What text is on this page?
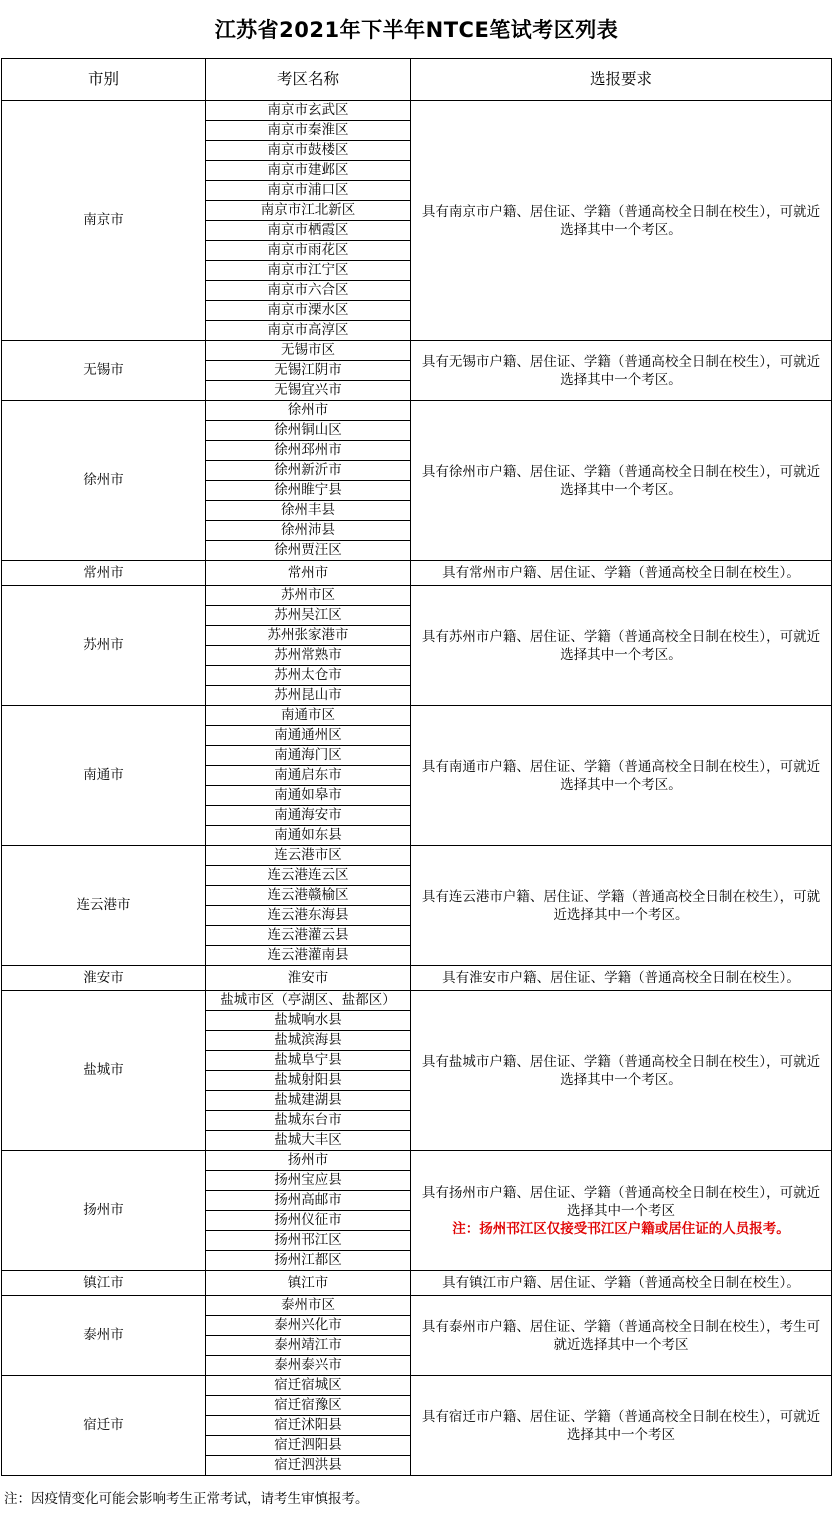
江苏省2021年下半年NTCE笔试考区列表
市别	考区名称	选报要求
南京市	南京市玄武区	具有南京市户籍、居住证、学籍（普通高校全日制在校生），可就近选择其中一个考区。
	南京市秦淮区	
	南京市鼓楼区	
	南京市建邺区	
	南京市浦口区	
	南京市江北新区	
	南京市栖霞区	
	南京市雨花区	
	南京市江宁区	
	南京市六合区	
	南京市溧水区	
	南京市高淳区	
无锡市	无锡市区	具有无锡市户籍、居住证、学籍（普通高校全日制在校生），可就近选择其中一个考区。
	无锡江阴市	
	无锡宜兴市	
徐州市	徐州市	具有徐州市户籍、居住证、学籍（普通高校全日制在校生），可就近选择其中一个考区。
	徐州铜山区	
	徐州邳州市	
	徐州新沂市	
	徐州睢宁县	
	徐州丰县	
	徐州沛县	
	徐州贾汪区	
常州市	常州市	具有常州市户籍、居住证、学籍（普通高校全日制在校生）。
苏州市	苏州市区	具有苏州市户籍、居住证、学籍（普通高校全日制在校生），可就近选择其中一个考区。
	苏州吴江区	
	苏州张家港市	
	苏州常熟市	
	苏州太仓市	
	苏州昆山市	
南通市	南通市区	具有南通市户籍、居住证、学籍（普通高校全日制在校生），可就近选择其中一个考区。
	南通通州区	
	南通海门区	
	南通启东市	
	南通如皋市	
	南通海安市	
	南通如东县	
连云港市	连云港市区	具有连云港市户籍、居住证、学籍（普通高校全日制在校生），可就近选择其中一个考区。
	连云港连云区	
	连云港赣榆区	
	连云港东海县	
	连云港灌云县	
	连云港灌南县	
淮安市	淮安市	具有淮安市户籍、居住证、学籍（普通高校全日制在校生）。
盐城市	盐城市区（亭湖区、盐都区）	具有盐城市户籍、居住证、学籍（普通高校全日制在校生），可就近选择其中一个考区。
	盐城响水县	
	盐城滨海县	
	盐城阜宁县	
	盐城射阳县	
	盐城建湖县	
	盐城东台市	
	盐城大丰区	
扬州市	扬州市	具有扬州市户籍、居住证、学籍（普通高校全日制在校生），可就近选择其中一个考区
注：扬州邗江区仅接受邗江区户籍或居住证的人员报考。

	扬州宝应县	
	扬州高邮市	
	扬州仪征市	
	扬州邗江区	
	扬州江都区	
镇江市	镇江市	具有镇江市户籍、居住证、学籍（普通高校全日制在校生）。
泰州市	泰州市区	具有泰州市户籍、居住证、学籍（普通高校全日制在校生），考生可就近选择其中一个考区
	泰州兴化市	
	泰州靖江市	
	泰州泰兴市	
宿迁市	宿迁宿城区	具有宿迁市户籍、居住证、学籍（普通高校全日制在校生），可就近选择其中一个考区
	宿迁宿豫区	
	宿迁沭阳县	
	宿迁泗阳县	
	宿迁泗洪县	
注：因疫情变化可能会影响考生正常考试，请考生审慎报考。
